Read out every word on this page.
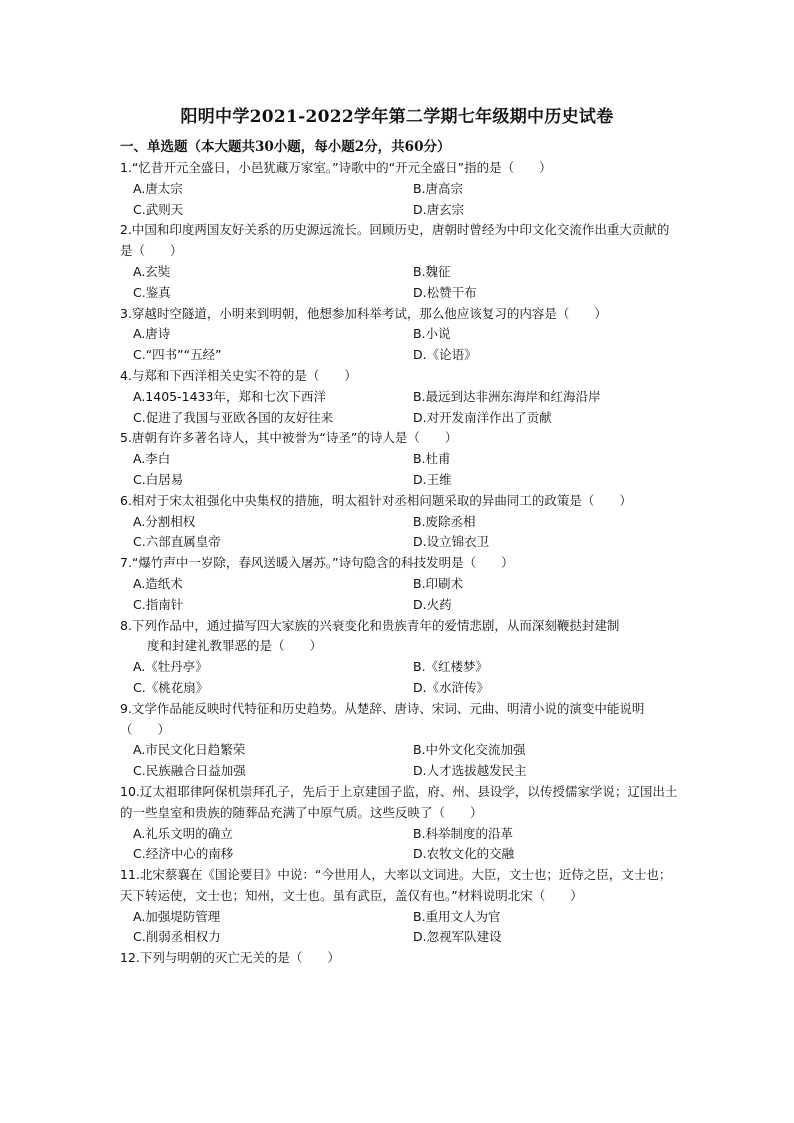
阳明中学2021-2022学年第二学期七年级期中历史试卷
一、单选题（本大题共30小题，每小题2分，共60分）
1.“忆昔开元全盛日，小邑犹藏万家室。”诗歌中的“开元全盛日”指的是（　　）
A.唐太宗	B.唐高宗
C.武则天	D.唐玄宗
2.中国和印度两国友好关系的历史源远流长。回顾历史，唐朝时曾经为中印文化交流作出重大贡献的是（　　）
A.玄奘	B.魏征
C.鉴真	D.松赞干布
3.穿越时空隧道，小明来到明朝，他想参加科举考试，那么他应该复习的内容是（　　）
A.唐诗	B.小说
C.“四书”“五经”	D.《论语》
4.与郑和下西洋相关史实不符的是（　　）
A.1405-1433年，郑和七次下西洋	B.最远到达非洲东海岸和红海沿岸
C.促进了我国与亚欧各国的友好往来	D.对开发南洋作出了贡献
5.唐朝有许多著名诗人，其中被誉为“诗圣”的诗人是（　　）
A.李白	B.杜甫
C.白居易	D.王维
6.相对于宋太祖强化中央集权的措施，明太祖针对丞相问题采取的异曲同工的政策是（　　）
A.分割相权	B.废除丞相
C.六部直属皇帝	D.设立锦衣卫
7.“爆竹声中一岁除，春风送暖入屠苏。”诗句隐含的科技发明是（　　）
A.造纸术	B.印刷术
C.指南针	D.火药
8.下列作品中，通过描写四大家族的兴衰变化和贵族青年的爱情悲剧，从而深刻鞭挞封建制
度和封建礼教罪恶的是（　　）
A.《牡丹亭》	B.《红楼梦》
C.《桃花扇》	D.《水浒传》
9.文学作品能反映时代特征和历史趋势。从楚辞、唐诗、宋词、元曲、明清小说的演变中能说明（　　）
A.市民文化日趋繁荣	B.中外文化交流加强
C.民族融合日益加强	D.人才选拔越发民主
10.辽太祖耶律阿保机崇拜孔子，先后于上京建国子监，府、州、县设学，以传授儒家学说；辽国出土的一些皇室和贵族的随葬品充满了中原气质。这些反映了（　　）
A.礼乐文明的确立	B.科举制度的沿革
C.经济中心的南移	D.农牧文化的交融
11.北宋蔡襄在《国论要目》中说：“今世用人，大率以文词进。大臣，文士也；近侍之臣，文士也；天下转运使，文士也；知州，文士也。虽有武臣，盖仅有也。”材料说明北宋（　　）
A.加强堤防管理	B.重用文人为官
C.削弱丞相权力	D.忽视军队建设
12.下列与明朝的灭亡无关的是（　　）
